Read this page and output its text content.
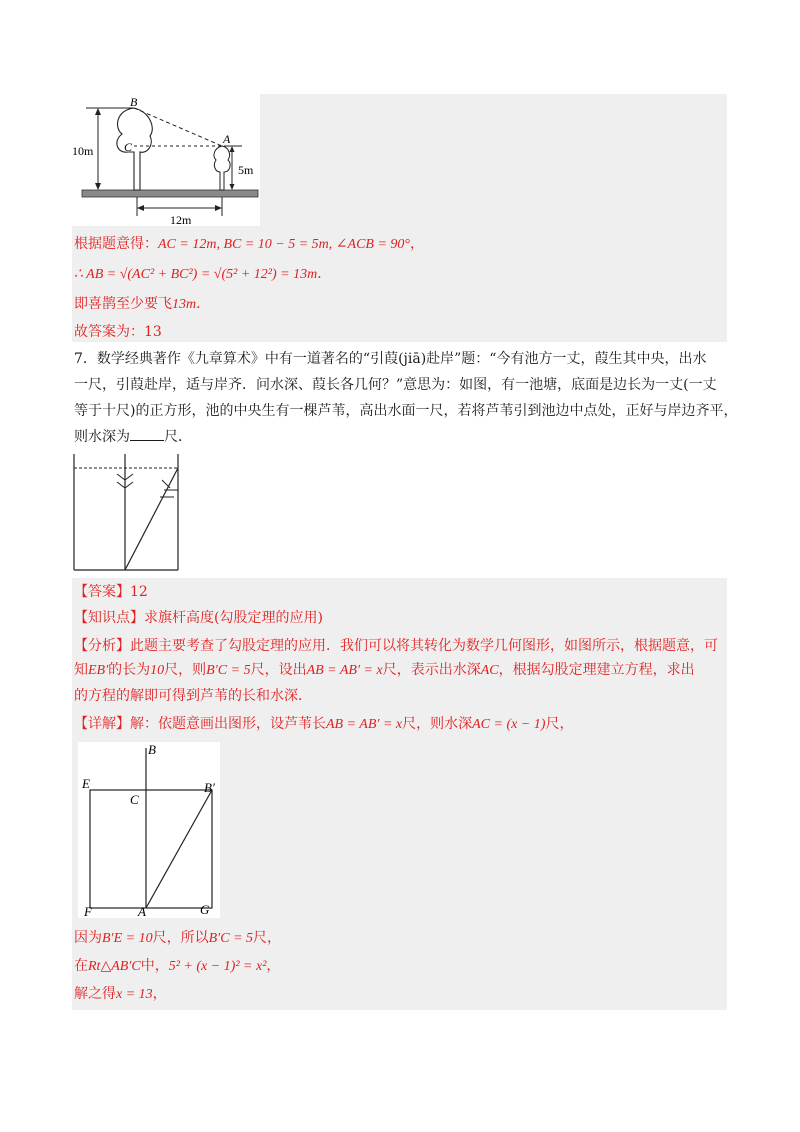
B
A
C
10m
5m
12m
根据题意得：AC = 12m, BC = 10 − 5 = 5m, ∠ACB = 90°，
∴ AB = √(AC² + BC²) = √(5² + 12²) = 13m．
即喜鹊至少要飞13m．
故答案为：13

7．数学经典著作《九章算术》中有一道著名的“引葭(jiā)赴岸”题：“今有池方一丈，葭生其中央，出水

一尺，引葭赴岸，适与岸齐．问水深、葭长各几何？”意思为：如图，有一池塘，底面是边长为一丈(一丈

等于十尺)的正方形，池的中央生有一棵芦苇，高出水面一尺，若将芦苇引到池边中点处，正好与岸边齐平，

则水深为 尺．

【答案】12
【知识点】求旗杆高度(勾股定理的应用)
【分析】此题主要考查了勾股定理的应用．我们可以将其转化为数学几何图形，如图所示，根据题意，可
知EB′的长为10尺，则B′C = 5尺，设出AB = AB′ = x尺，表示出水深AC，根据勾股定理建立方程，求出
的方程的解即可得到芦苇的长和水深．
【详解】解：依题意画出图形，设芦苇长AB = AB′ = x尺，则水深AC = (x − 1)尺，
B
E
C
B′
F	A	G
因为B′E = 10尺，所以B′C = 5尺，
在Rt△AB′C中，5² + (x − 1)² = x²，
解之得x = 13，
